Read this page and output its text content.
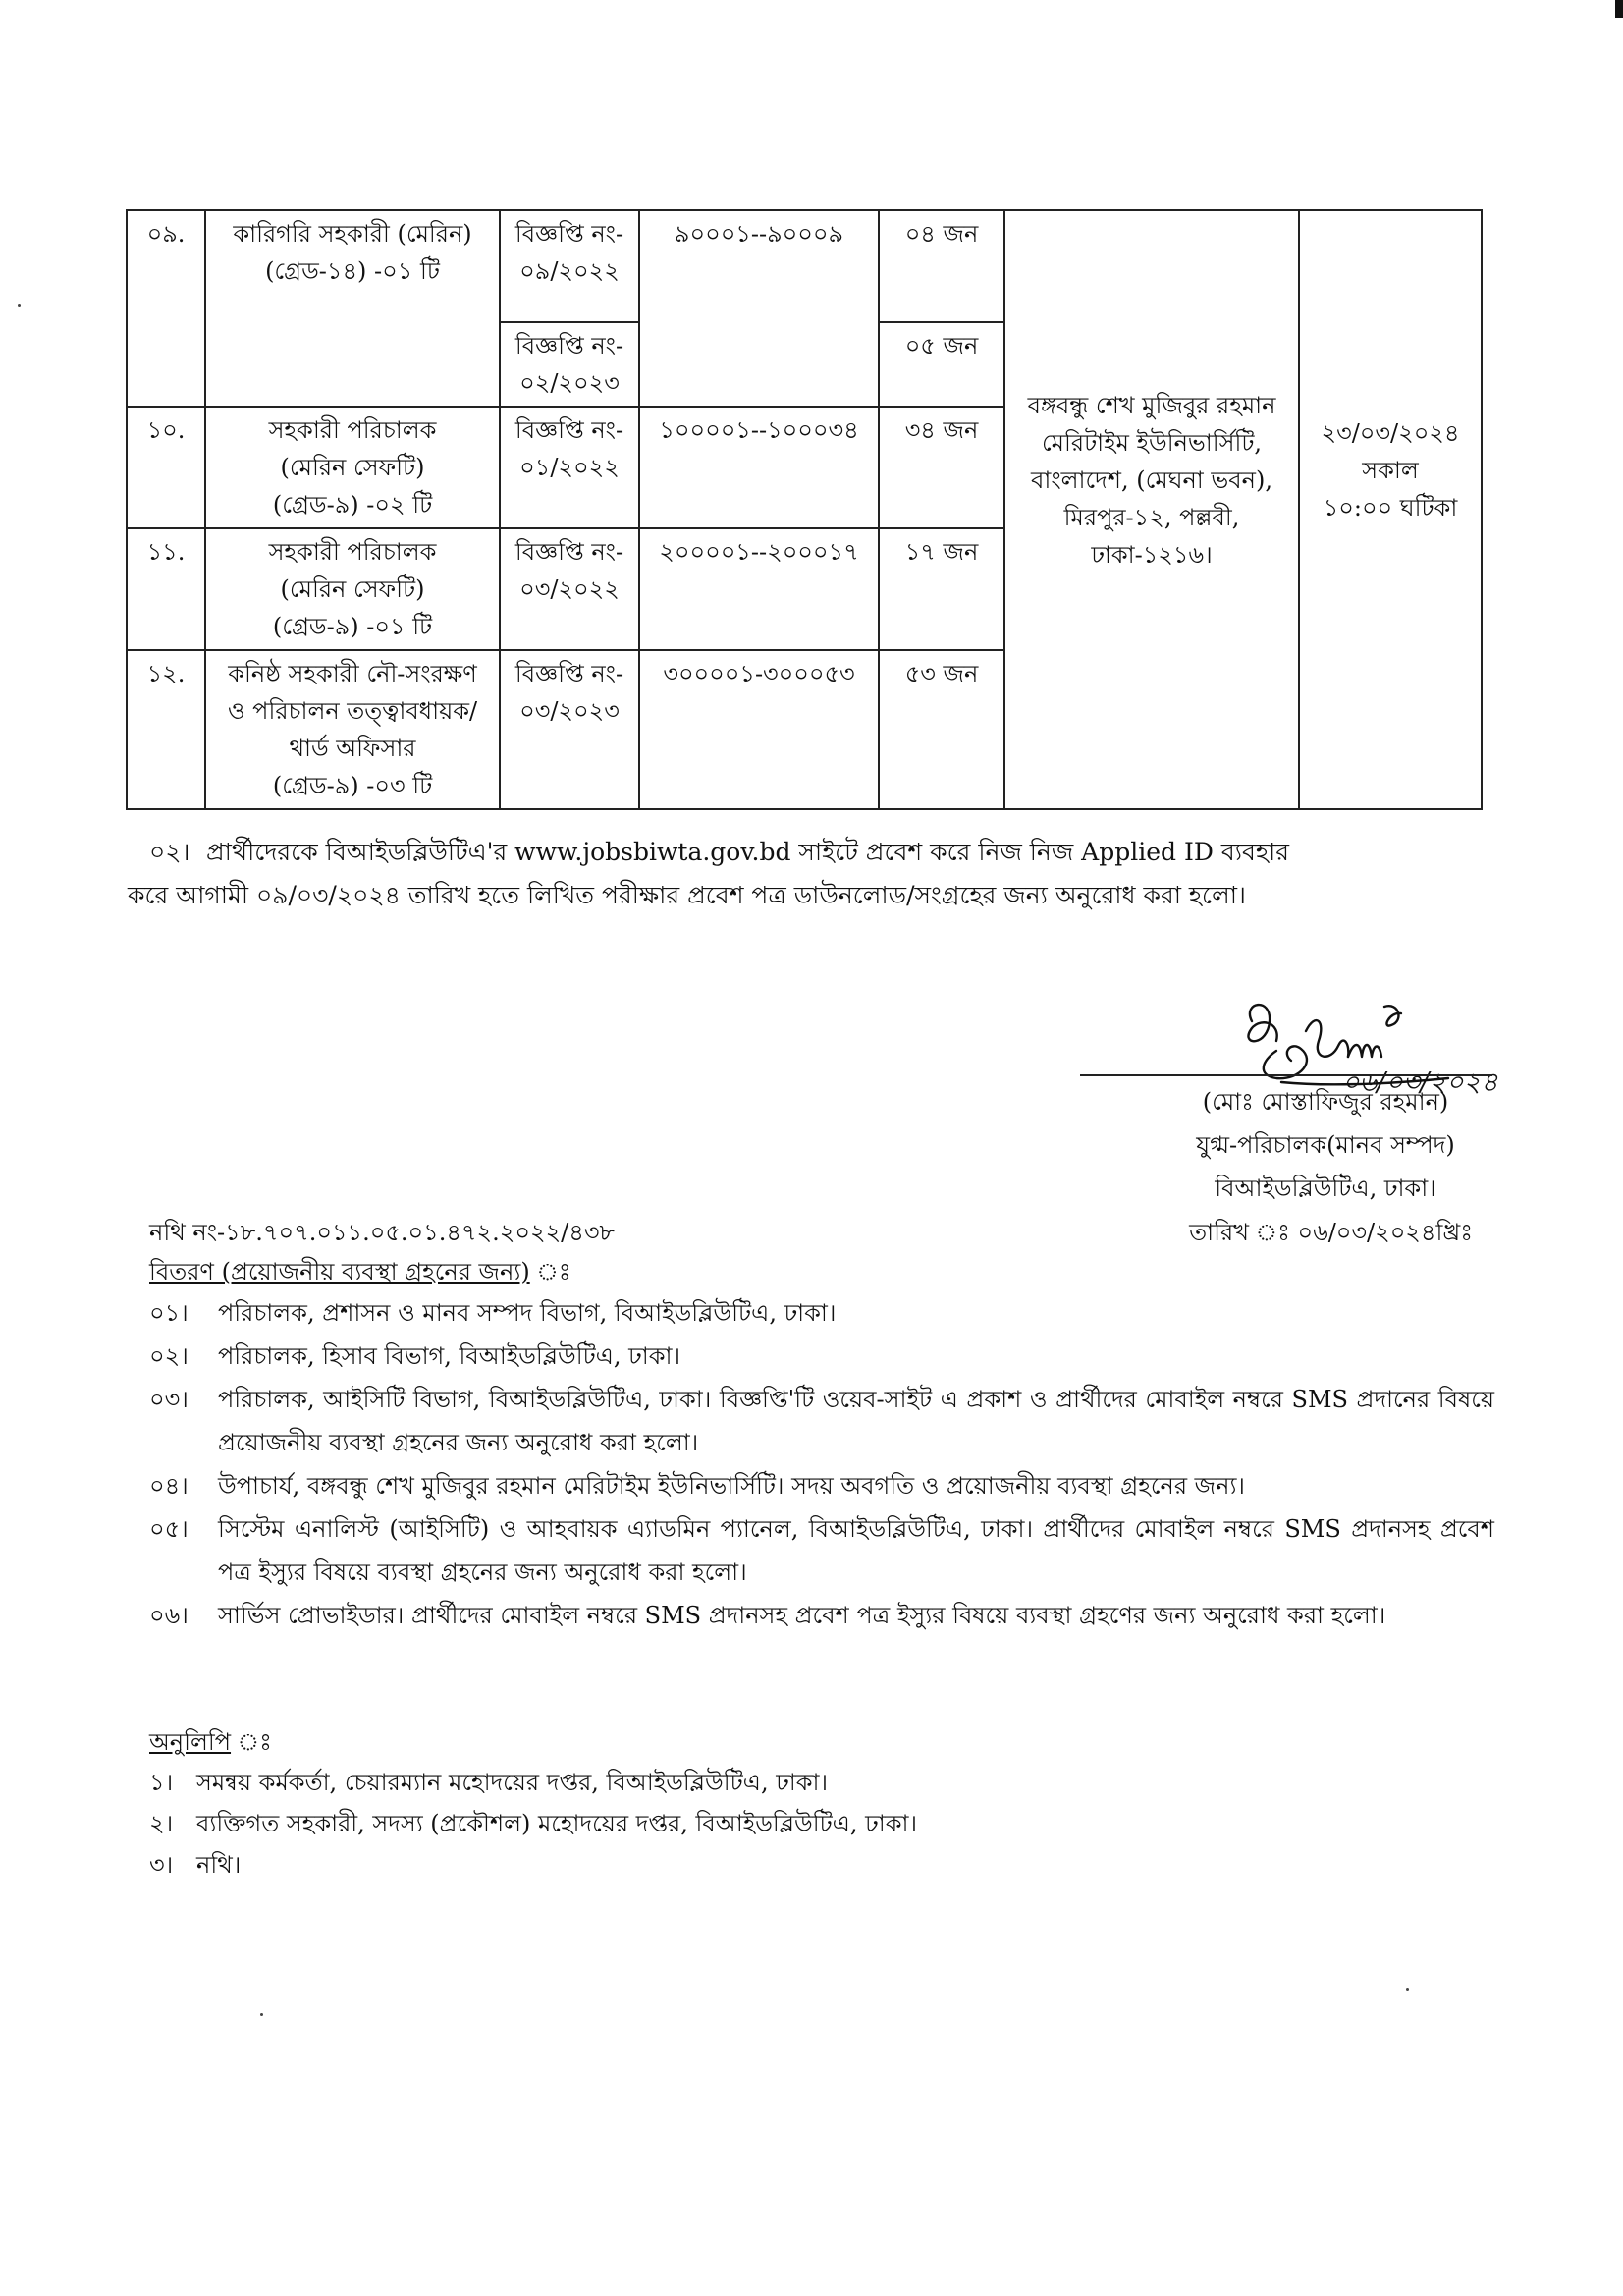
০৯.	কারিগরি সহকারী (মেরিন)
(গ্রেড-১৪) -০১ টি	বিজ্ঞপ্তি নং-
০৯/২০২২	৯০০০১--৯০০০৯	০৪ জন	বঙ্গবন্ধু শেখ মুজিবুর রহমান
মেরিটাইম ইউনিভার্সিটি,
বাংলাদেশ, (মেঘনা ভবন),
মিরপুর-১২, পল্লবী,
ঢাকা-১২১৬।	২৩/০৩/২০২৪
সকাল
১০:০০ ঘটিকা

		বিজ্ঞপ্তি নং-
০২/২০২৩		০৫ জন		
১০.	সহকারী পরিচালক
(মেরিন সেফটি)
(গ্রেড-৯) -০২ টি	বিজ্ঞপ্তি নং-
০১/২০২২	১০০০০১--১০০০৩৪	৩৪ জন		
১১.	সহকারী পরিচালক
(মেরিন সেফটি)
(গ্রেড-৯) -০১ টি	বিজ্ঞপ্তি নং-
০৩/২০২২	২০০০০১--২০০০১৭	১৭ জন		
১২.	কনিষ্ঠ সহকারী নৌ-সংরক্ষণ
ও পরিচালন তত্ত্বাবধায়ক/
থার্ড অফিসার
(গ্রেড-৯) -০৩ টি	বিজ্ঞপ্তি নং-
০৩/২০২৩	৩০০০০১-৩০০০৫৩	৫৩ জন		
০২। প্রার্থীদেরকে বিআইডব্লিউটিএ'র www.jobsbiwta.gov.bd সাইটে প্রবেশ করে নিজ নিজ Applied ID ব্যবহার
করে আগামী ০৯/০৩/২০২৪ তারিখ হতে লিখিত পরীক্ষার প্রবেশ পত্র ডাউনলোড/সংগ্রহের জন্য অনুরোধ করা হলো।
০৬/০৩/২০২৪
(মোঃ মোস্তাফিজুর রহমান)
যুগ্ম-পরিচালক(মানব সম্পদ)
বিআইডব্লিউটিএ, ঢাকা।
নথি নং-১৮.৭০৭.০১১.০৫.০১.৪৭২.২০২২/৪৩৮	তারিখ ঃ ০৬/০৩/২০২৪খ্রিঃ
বিতরণ (প্রয়োজনীয় ব্যবস্থা গ্রহনের জন্য) ঃ
০১। পরিচালক, প্রশাসন ও মানব সম্পদ বিভাগ, বিআইডব্লিউটিএ, ঢাকা।
০২। পরিচালক, হিসাব বিভাগ, বিআইডব্লিউটিএ, ঢাকা।
০৩। পরিচালক, আইসিটি বিভাগ, বিআইডব্লিউটিএ, ঢাকা। বিজ্ঞপ্তি'টি ওয়েব-সাইট এ প্রকাশ ও প্রার্থীদের মোবাইল নম্বরে SMS প্রদানের বিষয়ে প্রয়োজনীয় ব্যবস্থা গ্রহনের জন্য অনুরোধ করা হলো।
০৪। উপাচার্য, বঙ্গবন্ধু শেখ মুজিবুর রহমান মেরিটাইম ইউনিভার্সিটি। সদয় অবগতি ও প্রয়োজনীয় ব্যবস্থা গ্রহনের জন্য।
০৫। সিস্টেম এনালিস্ট (আইসিটি) ও আহবায়ক এ্যাডমিন প্যানেল, বিআইডব্লিউটিএ, ঢাকা। প্রার্থীদের মোবাইল নম্বরে SMS প্রদানসহ প্রবেশ পত্র ইস্যুর বিষয়ে ব্যবস্থা গ্রহনের জন্য অনুরোধ করা হলো।
০৬। সার্ভিস প্রোভাইডার। প্রার্থীদের মোবাইল নম্বরে SMS প্রদানসহ প্রবেশ পত্র ইস্যুর বিষয়ে ব্যবস্থা গ্রহণের জন্য অনুরোধ করা হলো।
অনুলিপি ঃ
১। সমন্বয় কর্মকর্তা, চেয়ারম্যান মহোদয়ের দপ্তর, বিআইডব্লিউটিএ, ঢাকা।
২। ব্যক্তিগত সহকারী, সদস্য (প্রকৌশল) মহোদয়ের দপ্তর, বিআইডব্লিউটিএ, ঢাকা।
৩। নথি।
